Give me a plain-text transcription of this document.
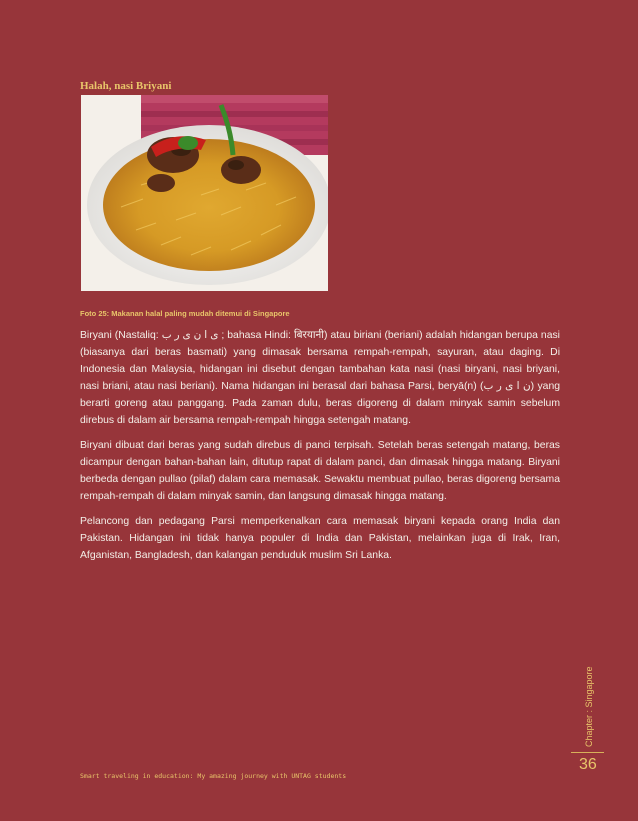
Halah, nasi Briyani
Foto 25: Makanan halal paling mudah ditemui di Singapore

Biryani (Nastaliq: ی ا ن ی ر ب ; bahasa Hindi: बिरयानी) atau biriani (beriani) adalah hidangan berupa nasi (biasanya dari beras basmati) yang dimasak bersama rempah-rempah, sayuran, atau daging. Di Indonesia dan Malaysia, hidangan ini disebut dengan tambahan kata nasi (nasi biryani, nasi briyani, nasi briani, atau nasi beriani). Nama hidangan ini berasal dari bahasa Parsi, beryā(n) (ن ا ی ر ب) yang berarti goreng atau panggang. Pada zaman dulu, beras digoreng di dalam minyak samin sebelum direbus di dalam air bersama rempah-rempah hingga setengah matang.

Biryani dibuat dari beras yang sudah direbus di panci terpisah. Setelah beras setengah matang, beras dicampur dengan bahan-bahan lain, ditutup rapat di dalam panci, dan dimasak hingga matang. Biryani berbeda dengan pullao (pilaf) dalam cara memasak. Sewaktu membuat pullao, beras digoreng bersama rempah-rempah di dalam minyak samin, dan langsung dimasak hingga matang.

Pelancong dan pedagang Parsi memperkenalkan cara memasak biryani kepada orang India dan Pakistan. Hidangan ini tidak hanya populer di India dan Pakistan, melainkan juga di Irak, Iran, Afganistan, Bangladesh, dan kalangan penduduk muslim Sri Lanka.

Chapter : Singapore
36
Smart traveling in education: My amazing journey with UNTAG students
